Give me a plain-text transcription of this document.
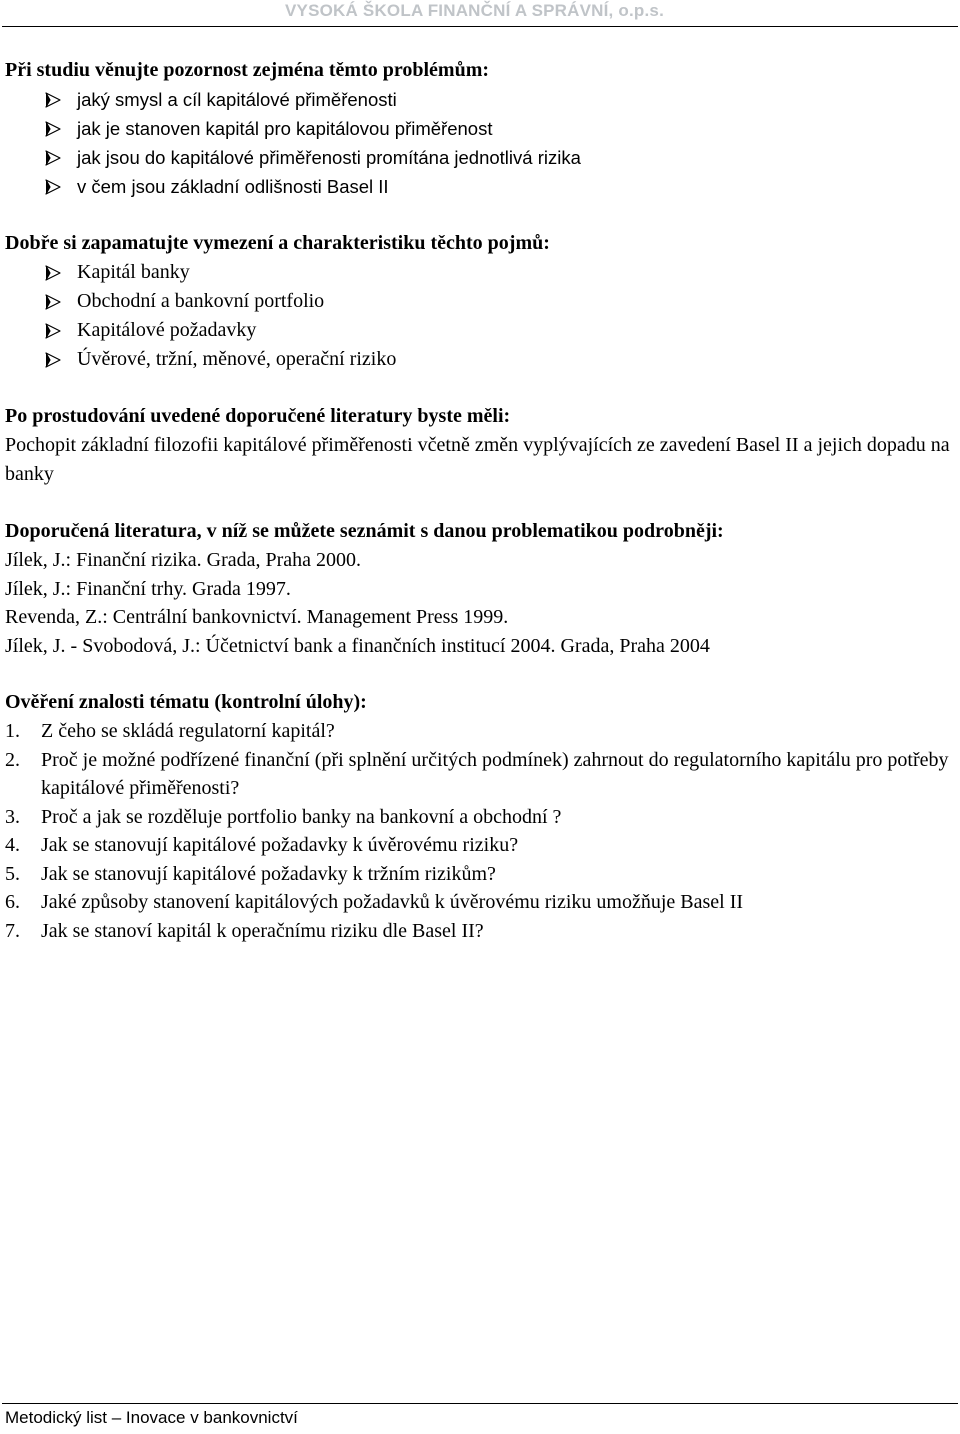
VYSOKÁ ŠKOLA FINANČNÍ A SPRÁVNÍ, o.p.s.

Při studiu věnujte pozornost zejména těmto problémům:

jaký smysl a cíl kapitálové přiměřenosti
jak je stanoven kapitál pro kapitálovou přiměřenost
jak jsou do kapitálové přiměřenosti promítána jednotlivá rizika
v čem jsou základní odlišnosti Basel II

Dobře si zapamatujte vymezení a charakteristiku těchto pojmů:

Kapitál banky
Obchodní a bankovní portfolio
Kapitálové požadavky
Úvěrové, tržní, měnové, operační riziko

Po prostudování uvedené doporučené literatury byste měli:

Pochopit základní filozofii kapitálové přiměřenosti včetně změn vyplývajících ze zavedení Basel II a jejich dopadu na banky

Doporučená literatura, v níž se můžete seznámit s danou problematikou podrobněji:

Jílek, J.: Finanční rizika. Grada, Praha 2000.

Jílek, J.: Finanční trhy. Grada 1997.

Revenda, Z.: Centrální bankovnictví. Management Press 1999.

Jílek, J. - Svobodová, J.: Účetnictví bank a finančních institucí 2004. Grada, Praha 2004

Ověření znalosti tématu (kontrolní úlohy):

1. Z čeho se skládá regulatorní kapitál?
2. Proč je možné podřízené finanční (při splnění určitých podmínek) zahrnout do regulatorního kapitálu pro potřeby kapitálové přiměřenosti?
3. Proč a jak se rozděluje portfolio banky na bankovní a obchodní ?
4. Jak se stanovují kapitálové požadavky k úvěrovému riziku?
5. Jak se stanovují kapitálové požadavky k tržním rizikům?
6. Jaké způsoby stanovení kapitálových požadavků k úvěrovému riziku umožňuje Basel II
7. Jak se stanoví kapitál k operačnímu riziku dle Basel II?
Metodický list – Inovace v bankovnictví
